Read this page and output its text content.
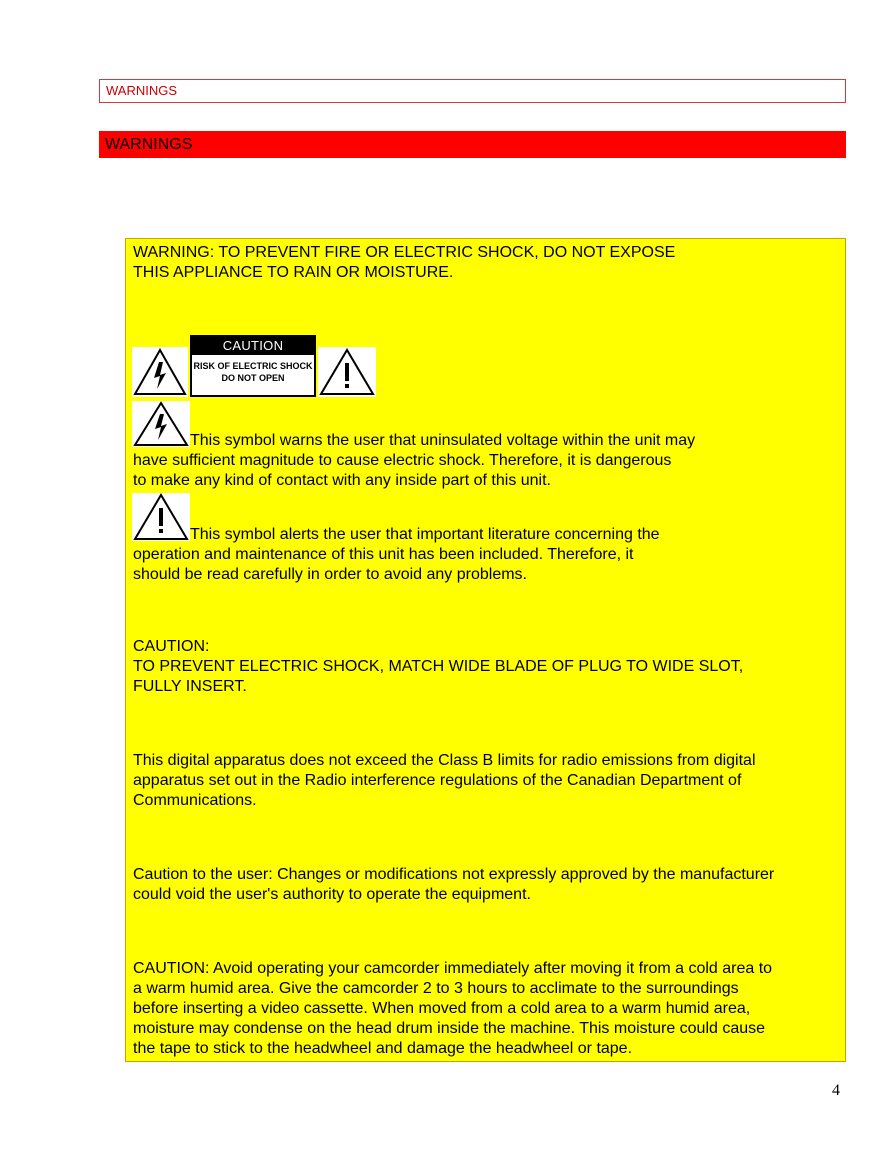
WARNINGS
WARNINGS

WARNING: TO PREVENT FIRE OR ELECTRIC SHOCK, DO NOT EXPOSE
THIS APPLIANCE TO RAIN OR MOISTURE.

CAUTION
RISK OF ELECTRIC SHOCK
DO NOT OPEN

This symbol warns the user that uninsulated voltage within the unit may

have sufficient magnitude to cause electric shock. Therefore, it is dangerous
to make any kind of contact with any inside part of this unit.

This symbol alerts the user that important literature concerning the

operation and maintenance of this unit has been included. Therefore, it
should be read carefully in order to avoid any problems.

CAUTION:
TO PREVENT ELECTRIC SHOCK, MATCH WIDE BLADE OF PLUG TO WIDE SLOT,
FULLY INSERT.

This digital apparatus does not exceed the Class B limits for radio emissions from digital
apparatus set out in the Radio interference regulations of the Canadian Department of
Communications.

Caution to the user: Changes or modifications not expressly approved by the manufacturer
could void the user's authority to operate the equipment.

CAUTION: Avoid operating your camcorder immediately after moving it from a cold area to
a warm humid area. Give the camcorder 2 to 3 hours to acclimate to the surroundings
before inserting a video cassette. When moved from a cold area to a warm humid area,
moisture may condense on the head drum inside the machine. This moisture could cause
the tape to stick to the headwheel and damage the headwheel or tape.

4
